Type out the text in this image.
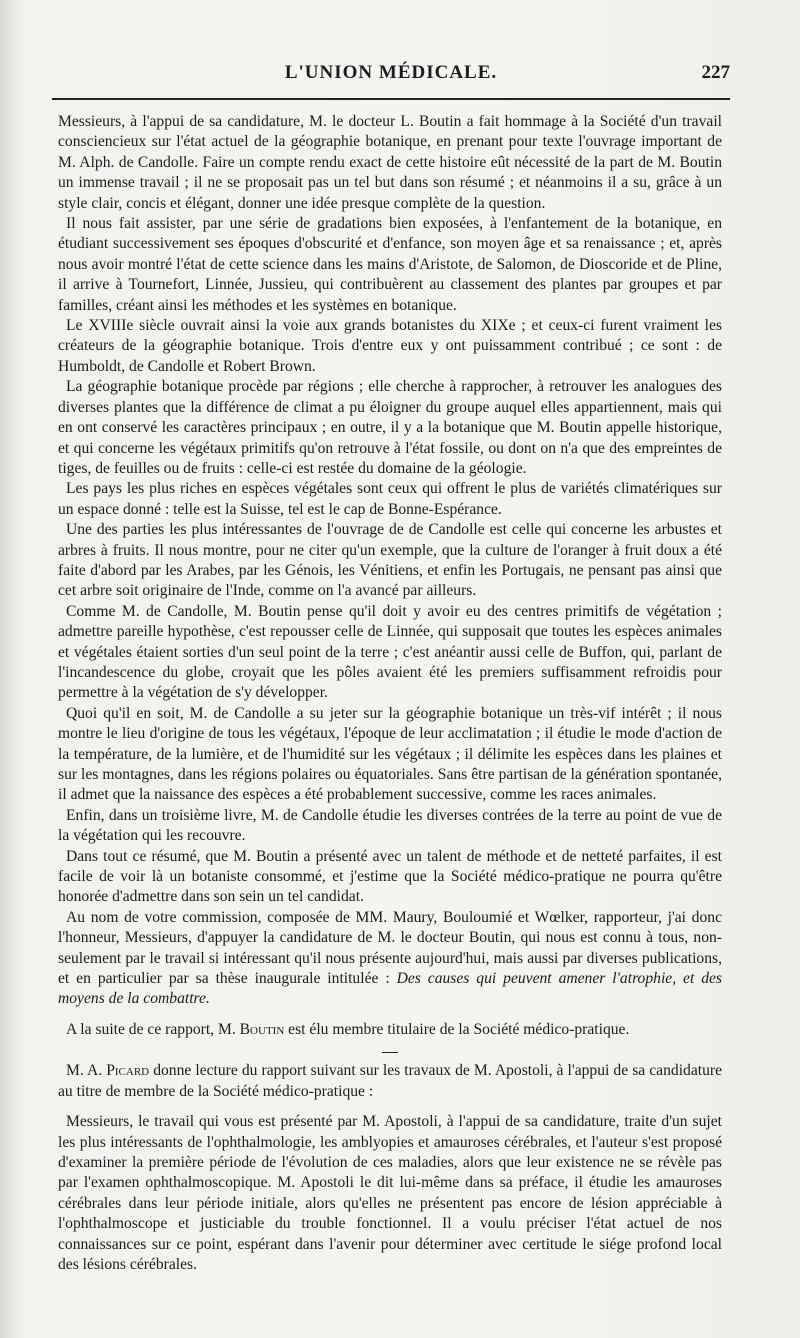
L'UNION MÉDICALE.	227

Messieurs, à l'appui de sa candidature, M. le docteur L. Boutin a fait hommage à la Société d'un travail consciencieux sur l'état actuel de la géographie botanique, en prenant pour texte l'ouvrage important de M. Alph. de Candolle. Faire un compte rendu exact de cette histoire eût nécessité de la part de M. Boutin un immense travail ; il ne se proposait pas un tel but dans son résumé ; et néanmoins il a su, grâce à un style clair, concis et élégant, donner une idée presque complète de la question.

Il nous fait assister, par une série de gradations bien exposées, à l'enfantement de la botanique, en étudiant successivement ses époques d'obscurité et d'enfance, son moyen âge et sa renaissance ; et, après nous avoir montré l'état de cette science dans les mains d'Aristote, de Salomon, de Dioscoride et de Pline, il arrive à Tournefort, Linnée, Jussieu, qui contribuèrent au classement des plantes par groupes et par familles, créant ainsi les méthodes et les systèmes en botanique.

Le XVIIIe siècle ouvrait ainsi la voie aux grands botanistes du XIXe ; et ceux-ci furent vraiment les créateurs de la géographie botanique. Trois d'entre eux y ont puissamment contribué ; ce sont : de Humboldt, de Candolle et Robert Brown.

La géographie botanique procède par régions ; elle cherche à rapprocher, à retrouver les analogues des diverses plantes que la différence de climat a pu éloigner du groupe auquel elles appartiennent, mais qui en ont conservé les caractères principaux ; en outre, il y a la botanique que M. Boutin appelle historique, et qui concerne les végétaux primitifs qu'on retrouve à l'état fossile, ou dont on n'a que des empreintes de tiges, de feuilles ou de fruits : celle-ci est restée du domaine de la géologie.

Les pays les plus riches en espèces végétales sont ceux qui offrent le plus de variétés climatériques sur un espace donné : telle est la Suisse, tel est le cap de Bonne-Espérance.

Une des parties les plus intéressantes de l'ouvrage de de Candolle est celle qui concerne les arbustes et arbres à fruits. Il nous montre, pour ne citer qu'un exemple, que la culture de l'oranger à fruit doux a été faite d'abord par les Arabes, par les Génois, les Vénitiens, et enfin les Portugais, ne pensant pas ainsi que cet arbre soit originaire de l'Inde, comme on l'a avancé par ailleurs.

Comme M. de Candolle, M. Boutin pense qu'il doit y avoir eu des centres primitifs de végétation ; admettre pareille hypothèse, c'est repousser celle de Linnée, qui supposait que toutes les espèces animales et végétales étaient sorties d'un seul point de la terre ; c'est anéantir aussi celle de Buffon, qui, parlant de l'incandescence du globe, croyait que les pôles avaient été les premiers suffisamment refroidis pour permettre à la végétation de s'y développer.

Quoi qu'il en soit, M. de Candolle a su jeter sur la géographie botanique un très-vif intérêt ; il nous montre le lieu d'origine de tous les végétaux, l'époque de leur acclimatation ; il étudie le mode d'action de la température, de la lumière, et de l'humidité sur les végétaux ; il délimite les espèces dans les plaines et sur les montagnes, dans les régions polaires ou équatoriales. Sans être partisan de la génération spontanée, il admet que la naissance des espèces a été probablement successive, comme les races animales.

Enfin, dans un troisième livre, M. de Candolle étudie les diverses contrées de la terre au point de vue de la végétation qui les recouvre.

Dans tout ce résumé, que M. Boutin a présenté avec un talent de méthode et de netteté parfaites, il est facile de voir là un botaniste consommé, et j'estime que la Société médico-pratique ne pourra qu'être honorée d'admettre dans son sein un tel candidat.

Au nom de votre commission, composée de MM. Maury, Bouloumié et Wœlker, rapporteur, j'ai donc l'honneur, Messieurs, d'appuyer la candidature de M. le docteur Boutin, qui nous est connu à tous, non-seulement par le travail si intéressant qu'il nous présente aujourd'hui, mais aussi par diverses publications, et en particulier par sa thèse inaugurale intitulée : Des causes qui peuvent amener l'atrophie, et des moyens de la combattre.

A la suite de ce rapport, M. Boutin est élu membre titulaire de la Société médico-pratique.

M. A. Picard donne lecture du rapport suivant sur les travaux de M. Apostoli, à l'appui de sa candidature au titre de membre de la Société médico-pratique :

Messieurs, le travail qui vous est présenté par M. Apostoli, à l'appui de sa candidature, traite d'un sujet les plus intéressants de l'ophthalmologie, les amblyopies et amauroses cérébrales, et l'auteur s'est proposé d'examiner la première période de l'évolution de ces maladies, alors que leur existence ne se révèle pas par l'examen ophthalmoscopique. M. Apostoli le dit lui-même dans sa préface, il étudie les amauroses cérébrales dans leur période initiale, alors qu'elles ne présentent pas encore de lésion appréciable à l'ophthalmoscope et justiciable du trouble fonctionnel. Il a voulu préciser l'état actuel de nos connaissances sur ce point, espérant dans l'avenir pour déterminer avec certitude le siége profond local des lésions cérébrales.
